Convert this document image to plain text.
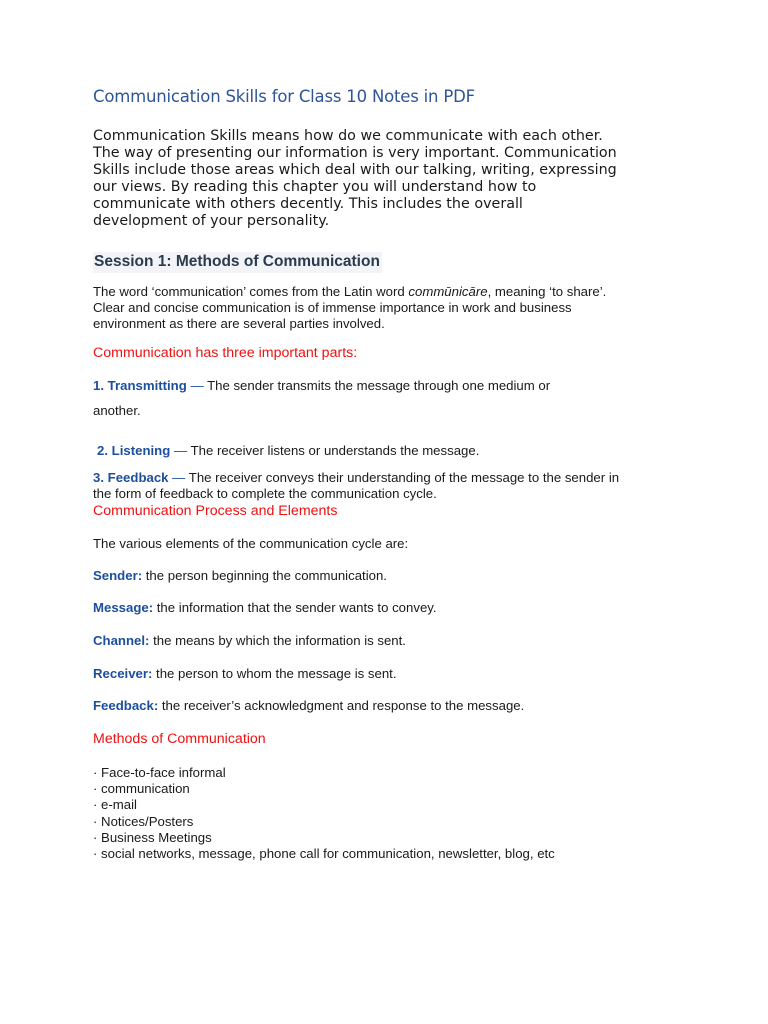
Communication Skills for Class 10 Notes in PDF
Communication Skills means how do we communicate with each other.
The way of presenting our information is very important. Communication
Skills include those areas which deal with our talking, writing, expressing
our views. By reading this chapter you will understand how to
communicate with others decently. This includes the overall
development of your personality.
Session 1: Methods of Communication
The word ‘communication’ comes from the Latin word commūnicāre, meaning ‘to share’.
Clear and concise communication is of immense importance in work and business
environment as there are several parties involved.
Communication has three important parts:
1. Transmitting — The sender transmits the message through one medium or
another.
2. Listening — The receiver listens or understands the message.
3. Feedback — The receiver conveys their understanding of the message to the sender in
the form of feedback to complete the communication cycle.
Communication Process and Elements
The various elements of the communication cycle are:
Sender: the person beginning the communication.
Message: the information that the sender wants to convey.
Channel: the means by which the information is sent.
Receiver: the person to whom the message is sent.
Feedback: the receiver’s acknowledgment and response to the message.
Methods of Communication
· Face-to-face informal
· communication
· e-mail
· Notices/Posters
· Business Meetings
· social networks, message, phone call for communication, newsletter, blog, etc
